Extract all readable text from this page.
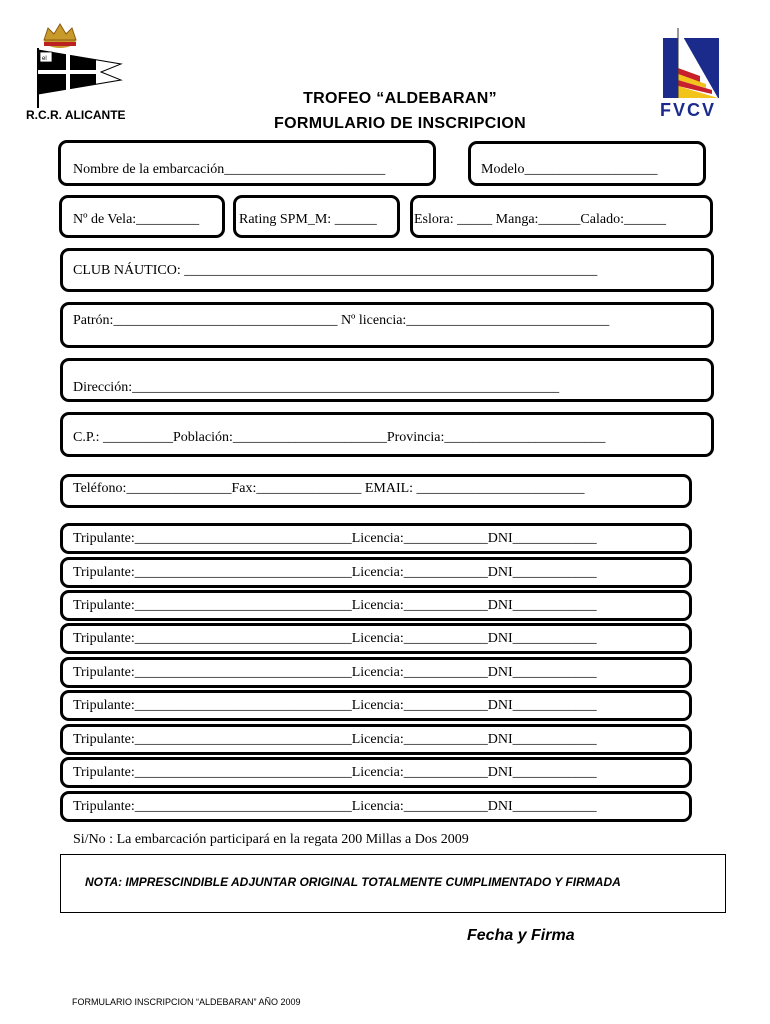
el
R.C.R. ALICANTE	FVCV
TROFEO “ALDEBARAN”
FORMULARIO DE INSCRIPCION
Nombre de la embarcación_______________________	Modelo___________________
Nº de Vela:_________	Rating SPM_M: ______	Eslora: _____ Manga:______Calado:______
CLUB NÁUTICO: ___________________________________________________________
Patrón:________________________________ Nº licencia:_____________________________
Dirección:_____________________________________________________________
C.P.: __________Población:______________________Provincia:_______________________
Teléfono:_______________Fax:_______________ EMAIL: ________________________
Tripulante:_______________________________Licencia:____________DNI____________
Tripulante:_______________________________Licencia:____________DNI____________
Tripulante:_______________________________Licencia:____________DNI____________
Tripulante:_______________________________Licencia:____________DNI____________
Tripulante:_______________________________Licencia:____________DNI____________
Tripulante:_______________________________Licencia:____________DNI____________
Tripulante:_______________________________Licencia:____________DNI____________
Tripulante:_______________________________Licencia:____________DNI____________
Tripulante:_______________________________Licencia:____________DNI____________
Si/No : La embarcación participará en la regata 200 Millas a Dos 2009
NOTA: IMPRESCINDIBLE ADJUNTAR ORIGINAL TOTALMENTE CUMPLIMENTADO Y FIRMADA
Fecha y Firma
FORMULARIO INSCRIPCION “ALDEBARAN” AÑO 2009
